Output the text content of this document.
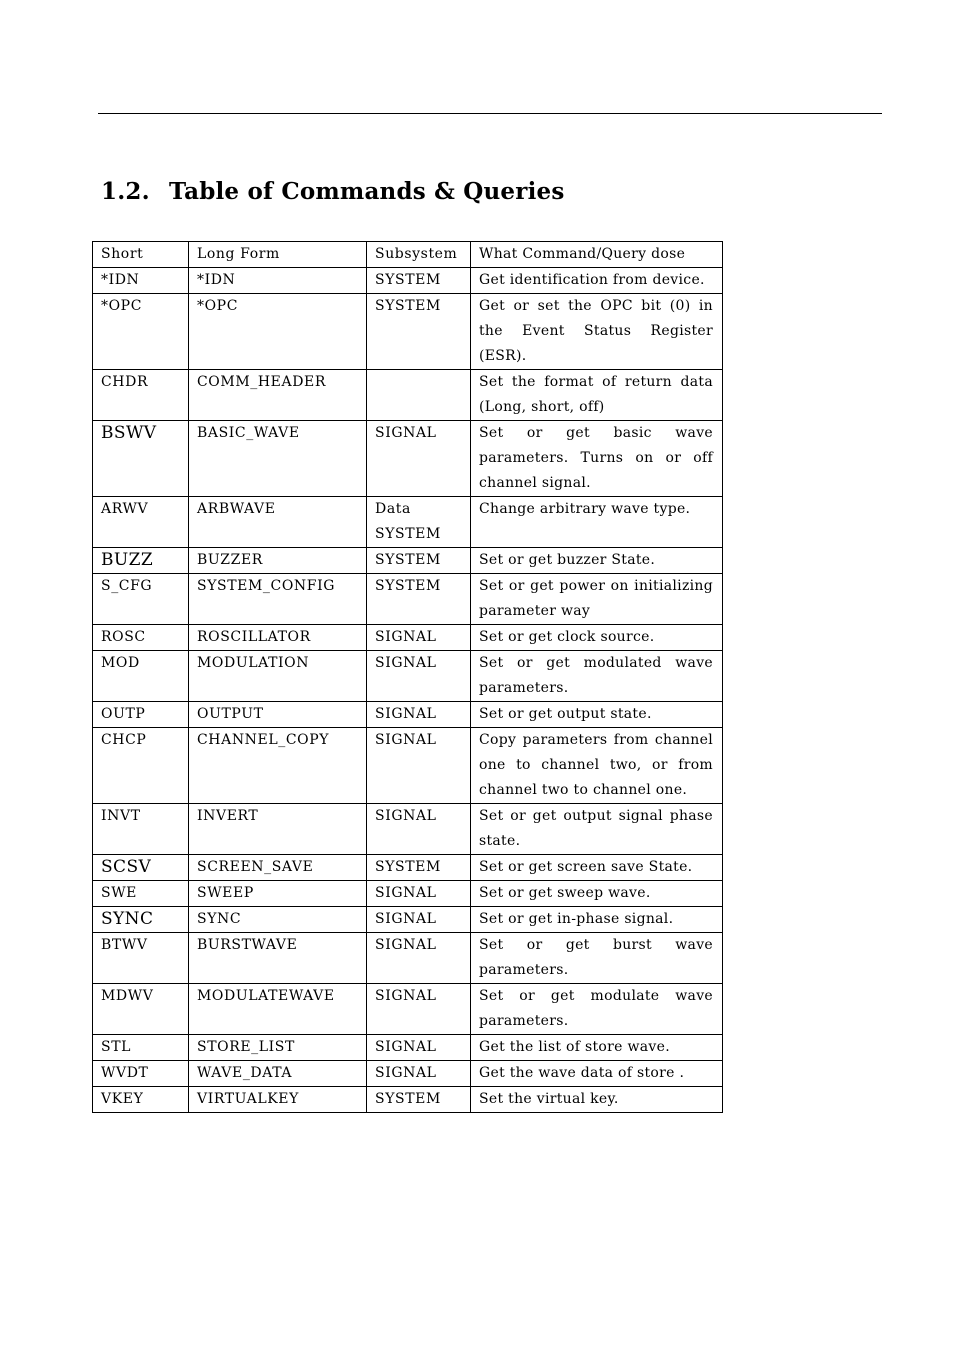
1.2. Table of Commands & Queries
Short	Long Form	Subsystem	What Command/Query dose
*IDN	*IDN	SYSTEM	Get identification from device.
*OPC	*OPC	SYSTEM	Get or set the OPC bit (0) in the Event Status Register (ESR).
CHDR	COMM_HEADER		Set the format of return data (Long, short, off)
BSWV	BASIC_WAVE	SIGNAL	Set or get basic wave parameters. Turns on or off channel signal.
ARWV	ARBWAVE	Data SYSTEM	Change arbitrary wave type.
BUZZ	BUZZER	SYSTEM	Set or get buzzer State.
S_CFG	SYSTEM_CONFIG	SYSTEM	Set or get power on initializing parameter way
ROSC	ROSCILLATOR	SIGNAL	Set or get clock source.
MOD	MODULATION	SIGNAL	Set or get modulated wave parameters.
OUTP	OUTPUT	SIGNAL	Set or get output state.
CHCP	CHANNEL_COPY	SIGNAL	Copy parameters from channel one to channel two, or from channel two to channel one.
INVT	INVERT	SIGNAL	Set or get output signal phase state.
SCSV	SCREEN_SAVE	SYSTEM	Set or get screen save State.
SWE	SWEEP	SIGNAL	Set or get sweep wave.
SYNC	SYNC	SIGNAL	Set or get in-phase signal.
BTWV	BURSTWAVE	SIGNAL	Set or get burst wave parameters.
MDWV	MODULATEWAVE	SIGNAL	Set or get modulate wave parameters.
STL	STORE_LIST	SIGNAL	Get the list of store wave.
WVDT	WAVE_DATA	SIGNAL	Get the wave data of store .
VKEY	VIRTUALKEY	SYSTEM	Set the virtual key.
